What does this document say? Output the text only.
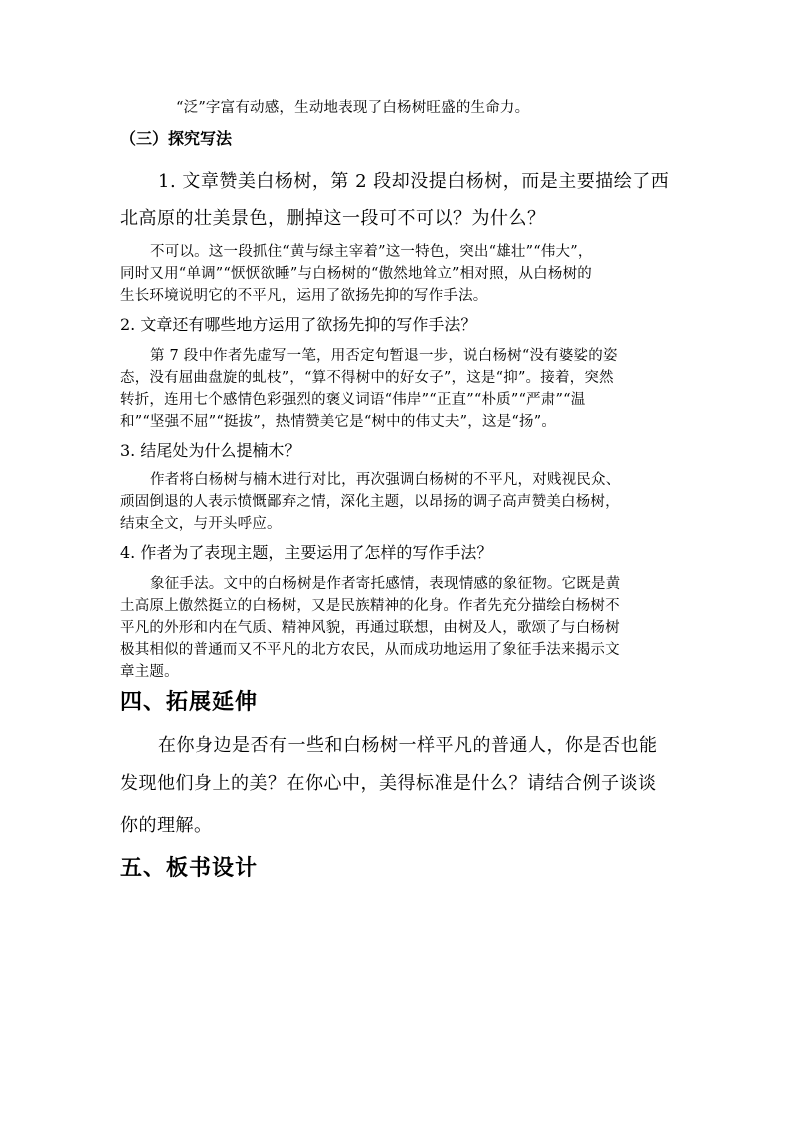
“泛”字富有动感，生动地表现了白杨树旺盛的生命力。

（三）探究写法

1. 文章赞美白杨树，第 2 段却没提白杨树，而是主要描绘了西

北高原的壮美景色，删掉这一段可不可以？为什么？

不可以。这一段抓住“黄与绿主宰着”这一特色，突出“雄壮”“伟大”，

同时又用“单调”“恹恹欲睡”与白杨树的“傲然地耸立”相对照，从白杨树的

生长环境说明它的不平凡，运用了欲扬先抑的写作手法。

2. 文章还有哪些地方运用了欲扬先抑的写作手法？

第 7 段中作者先虚写一笔，用否定句暂退一步，说白杨树“没有婆娑的姿

态，没有屈曲盘旋的虬枝”，“算不得树中的好女子”，这是“抑”。接着，突然

转折，连用七个感情色彩强烈的褒义词语“伟岸”“正直”“朴质”“严肃”“温

和”“坚强不屈”“挺拔”，热情赞美它是“树中的伟丈夫”，这是“扬”。

3. 结尾处为什么提楠木？

作者将白杨树与楠木进行对比，再次强调白杨树的不平凡，对贱视民众、

顽固倒退的人表示愤慨鄙弃之情，深化主题，以昂扬的调子高声赞美白杨树，

结束全文，与开头呼应。

4. 作者为了表现主题，主要运用了怎样的写作手法？

象征手法。文中的白杨树是作者寄托感情，表现情感的象征物。它既是黄

土高原上傲然挺立的白杨树，又是民族精神的化身。作者先充分描绘白杨树不

平凡的外形和内在气质、精神风貌，再通过联想，由树及人，歌颂了与白杨树

极其相似的普通而又不平凡的北方农民，从而成功地运用了象征手法来揭示文

章主题。

四、拓展延伸

在你身边是否有一些和白杨树一样平凡的普通人，你是否也能

发现他们身上的美？在你心中，美得标准是什么？请结合例子谈谈

你的理解。

五、板书设计
